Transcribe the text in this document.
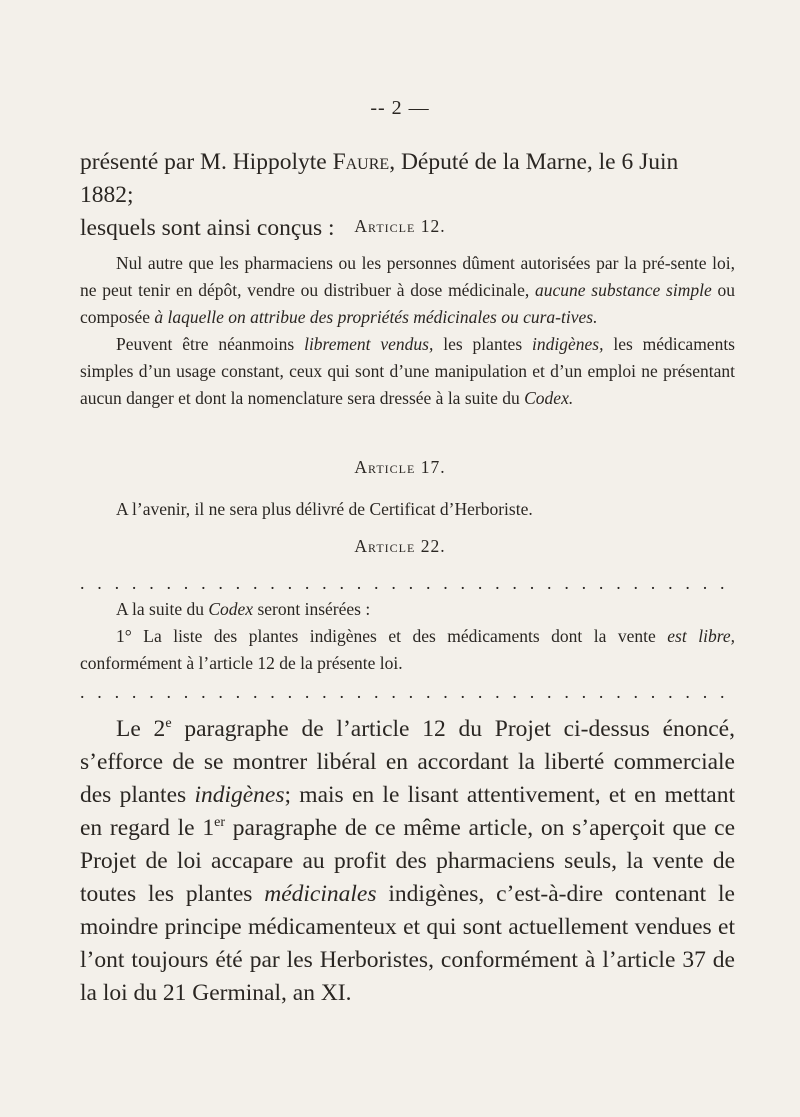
-- 2 —

présenté par M. Hippolyte Faure, Député de la Marne, le 6 Juin 1882;

lesquels sont ainsi conçus :	Article 12.

Nul autre que les pharmaciens ou les personnes dûment autorisées par la pré-sente loi, ne peut tenir en dépôt, vendre ou distribuer à dose médicinale, aucune substance simple ou composée à laquelle on attribue des propriétés médicinales ou cura-tives.

Peuvent être néanmoins librement vendus, les plantes indigènes, les médicaments simples d’un usage constant, ceux qui sont d’une manipulation et d’un emploi ne présentant aucun danger et dont la nomenclature sera dressée à la suite du Codex.

Article 17.

A l’avenir, il ne sera plus délivré de Certificat d’Herboriste.

Article 22.
. . . . . . . . . . . . . . . . . . . . . . . . . . . . . . . . . . . . . .

A la suite du Codex seront insérées :

1° La liste des plantes indigènes et des médicaments dont la vente est libre,

conformément à l’article 12 de la présente loi.

. . . . . . . . . . . . . . . . . . . . . . . . . . . . . . . . . . . . . .

Le 2e paragraphe de l’article 12 du Projet ci-dessus énoncé, s’efforce de se montrer libéral en accordant la liberté commerciale des plantes indigènes; mais en le lisant attentivement, et en mettant en regard le 1er paragraphe de ce même article, on s’aperçoit que ce Projet de loi accapare au profit des pharmaciens seuls, la vente de toutes les plantes médicinales indigènes, c’est-à-dire contenant le moindre principe médicamenteux et qui sont actuellement vendues et l’ont toujours été par les Herboristes, conformément à l’article 37 de la loi du 21 Germinal, an XI.
